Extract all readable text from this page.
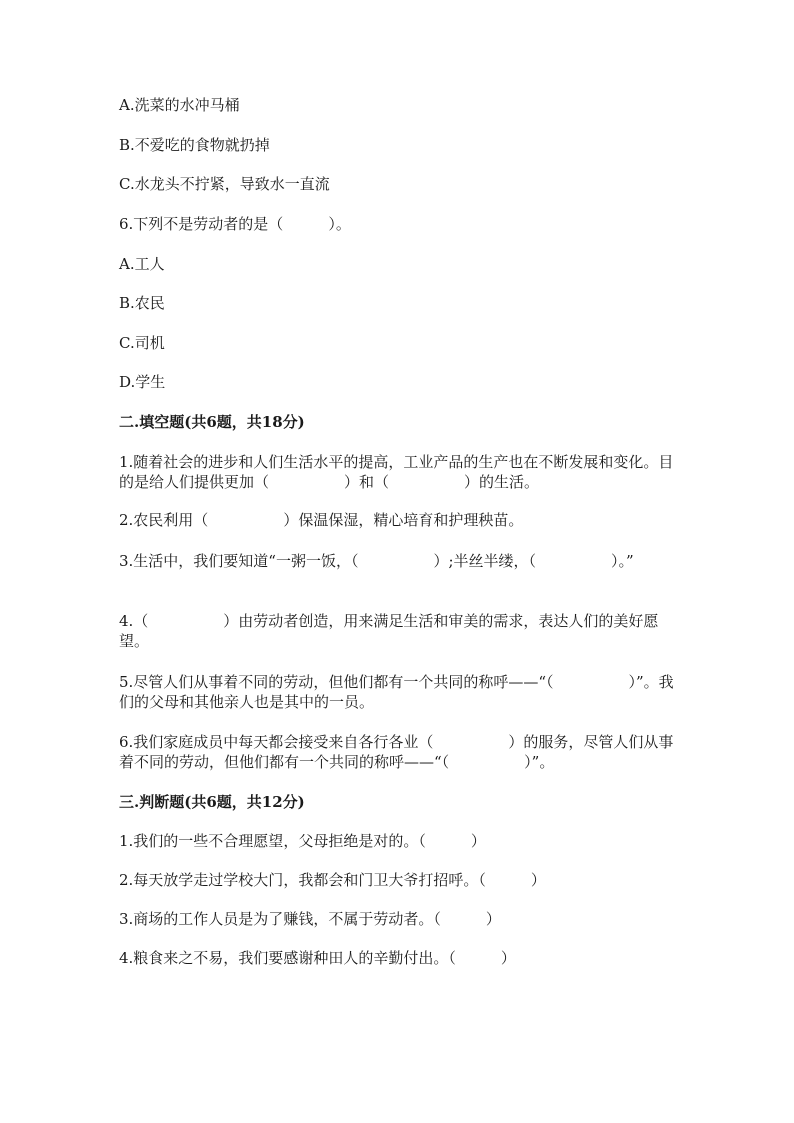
A.洗菜的水冲马桶
B.不爱吃的食物就扔掉
C.水龙头不拧紧，导致水一直流
6.下列不是劳动者的是（　　　）。
A.工人
B.农民
C.司机
D.学生
二.填空题(共6题，共18分)
1.随着社会的进步和人们生活水平的提高，工业产品的生产也在不断发展和变化。目的是给人们提供更加（　　　　　）和（　　　　　）的生活。
2.农民利用（　　　　　）保温保湿，精心培育和护理秧苗。
3.生活中，我们要知道“一粥一饭，（　　　　　）;半丝半缕，（　　　　　）。”
4.（　　　　　）由劳动者创造，用来满足生活和审美的需求，表达人们的美好愿望。
5.尽管人们从事着不同的劳动，但他们都有一个共同的称呼——“（　　　　　）”。我们的父母和其他亲人也是其中的一员。
6.我们家庭成员中每天都会接受来自各行各业（　　　　　）的服务，尽管人们从事着不同的劳动，但他们都有一个共同的称呼——“（　　　　　）”。
三.判断题(共6题，共12分)
1.我们的一些不合理愿望，父母拒绝是对的。（　　　）
2.每天放学走过学校大门，我都会和门卫大爷打招呼。（　　　）
3.商场的工作人员是为了赚钱，不属于劳动者。（　　　）
4.粮食来之不易，我们要感谢种田人的辛勤付出。（　　　）
